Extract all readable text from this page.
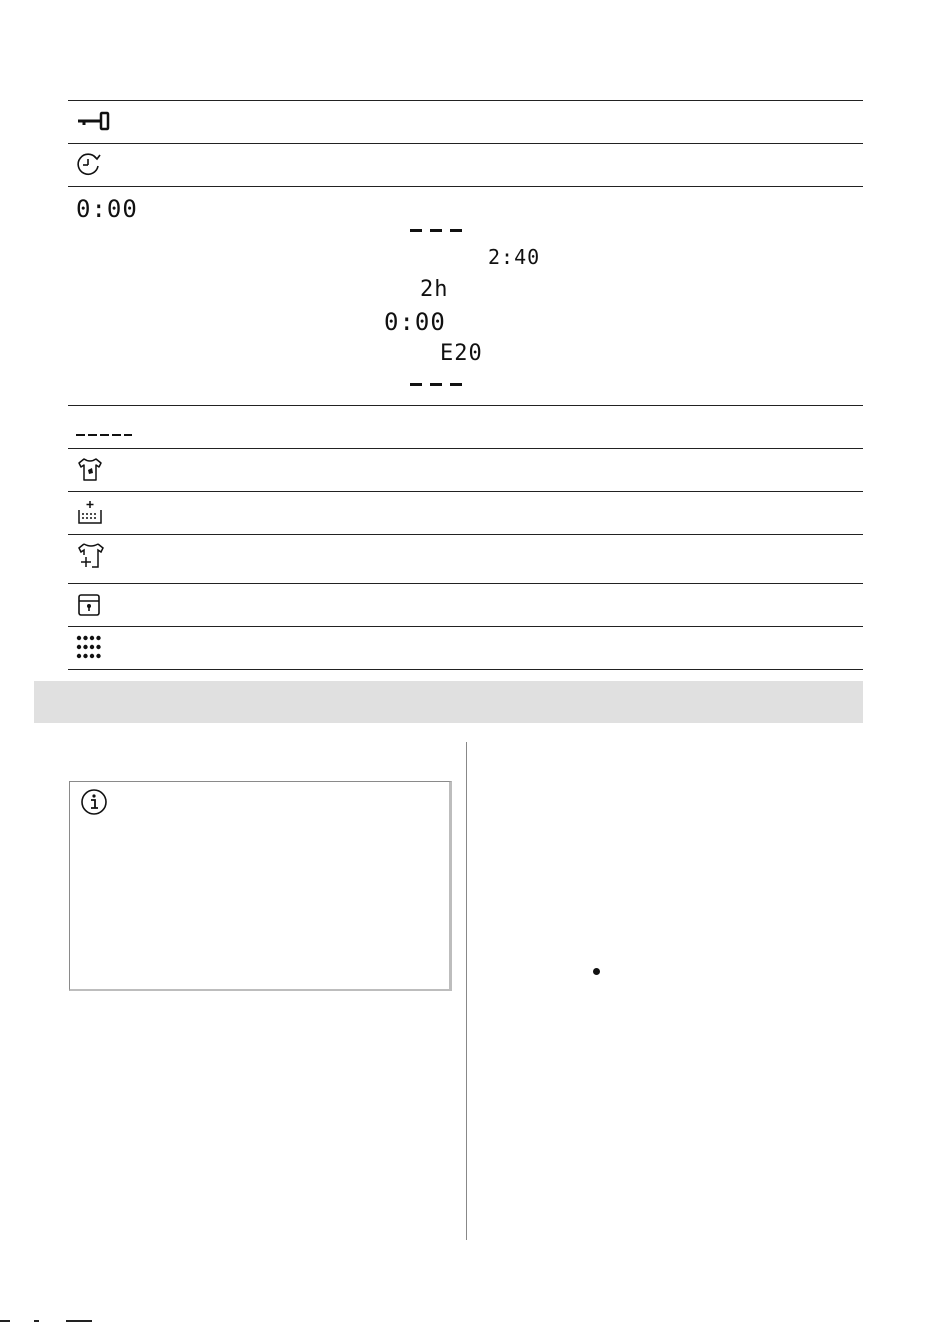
0:00
2:40
2h
0:00
E20
